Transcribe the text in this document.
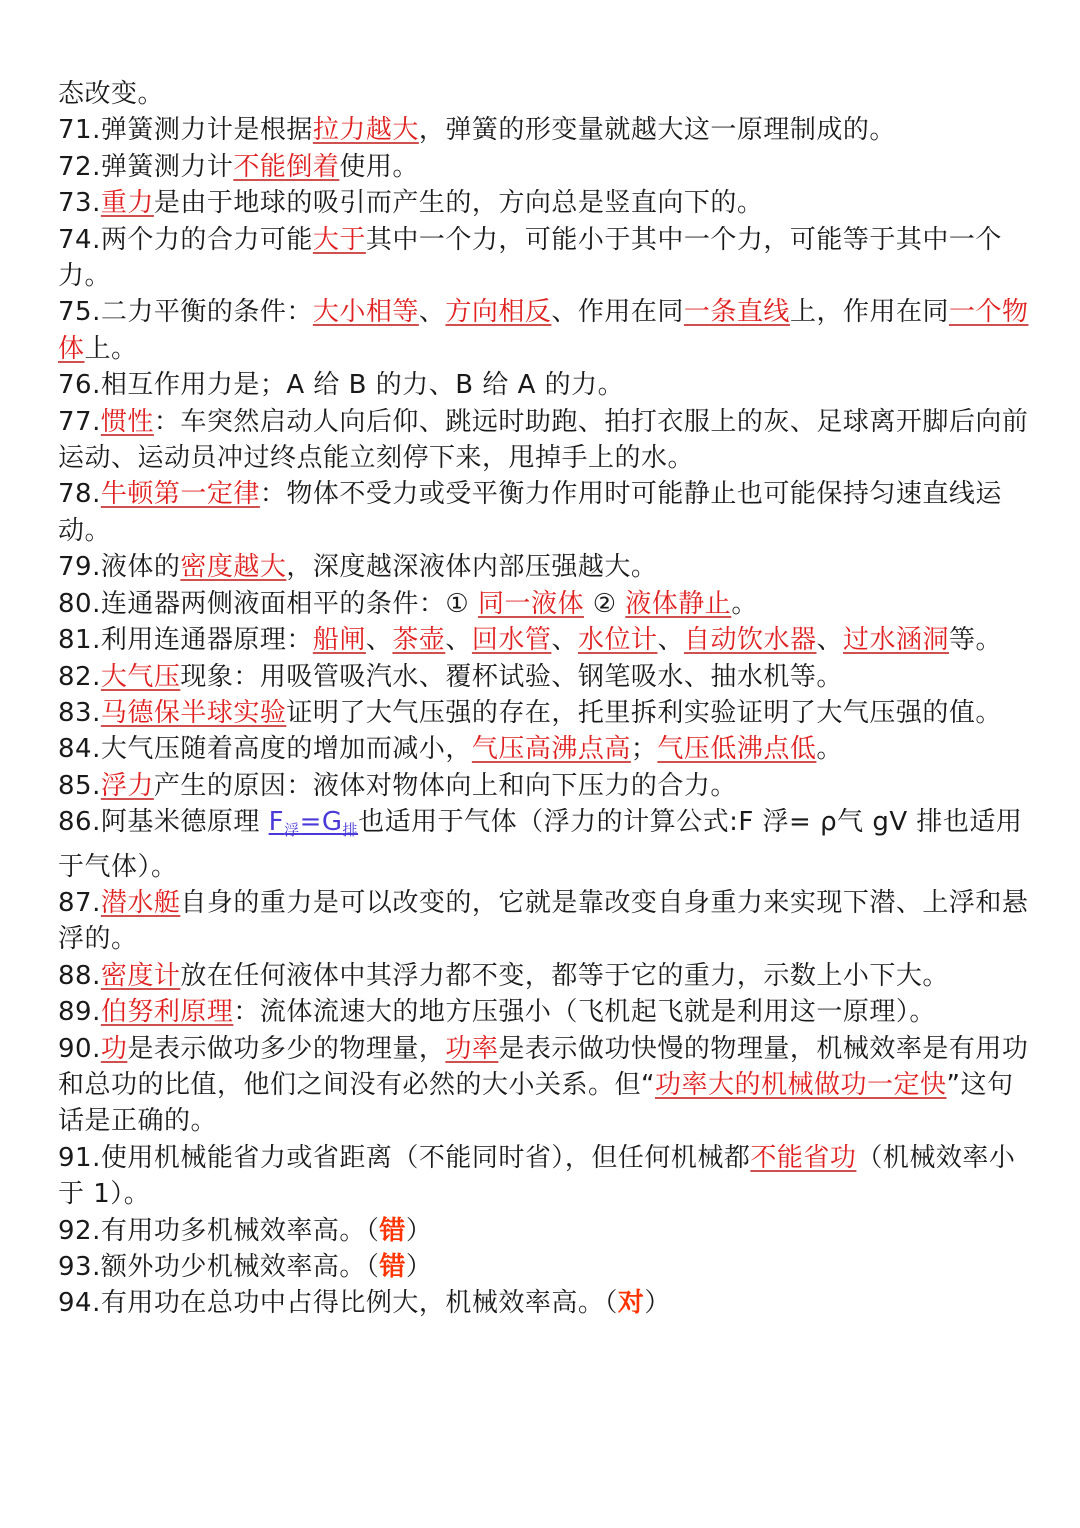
态改变。

71.弹簧测力计是根据拉力越大，弹簧的形变量就越大这一原理制成的。

72.弹簧测力计不能倒着使用。

73.重力是由于地球的吸引而产生的，方向总是竖直向下的。

74.两个力的合力可能大于其中一个力，可能小于其中一个力，可能等于其中一个力。

75.二力平衡的条件：大小相等、方向相反、作用在同一条直线上，作用在同一个物体上。

76.相互作用力是；A 给 B 的力、B 给 A 的力。

77.惯性：车突然启动人向后仰、跳远时助跑、拍打衣服上的灰、足球离开脚后向前运动、运动员冲过终点能立刻停下来，甩掉手上的水。

78.牛顿第一定律：物体不受力或受平衡力作用时可能静止也可能保持匀速直线运动。

79.液体的密度越大，深度越深液体内部压强越大。

80.连通器两侧液面相平的条件：① 同一液体 ② 液体静止。

81.利用连通器原理：船闸、茶壶、回水管、水位计、自动饮水器、过水涵洞等。

82.大气压现象：用吸管吸汽水、覆杯试验、钢笔吸水、抽水机等。

83.马德保半球实验证明了大气压强的存在，托里拆利实验证明了大气压强的值。

84.大气压随着高度的增加而减小，气压高沸点高；气压低沸点低。

85.浮力产生的原因：液体对物体向上和向下压力的合力。

86.阿基米德原理 $F_浮=G_排$也适用于气体（浮力的计算公式:F 浮= ρ气 gV 排也适用于气体）。

87.潜水艇自身的重力是可以改变的，它就是靠改变自身重力来实现下潜、上浮和悬浮的。

88.密度计放在任何液体中其浮力都不变，都等于它的重力，示数上小下大。

89.伯努利原理：流体流速大的地方压强小（飞机起飞就是利用这一原理）。

90.功是表示做功多少的物理量，功率是表示做功快慢的物理量，机械效率是有用功和总功的比值，他们之间没有必然的大小关系。但“功率大的机械做功一定快”这句话是正确的。

91.使用机械能省力或省距离（不能同时省），但任何机械都不能省功（机械效率小于 1）。

92.有用功多机械效率高。（错）

93.额外功少机械效率高。（错）

94.有用功在总功中占得比例大，机械效率高。（对）
